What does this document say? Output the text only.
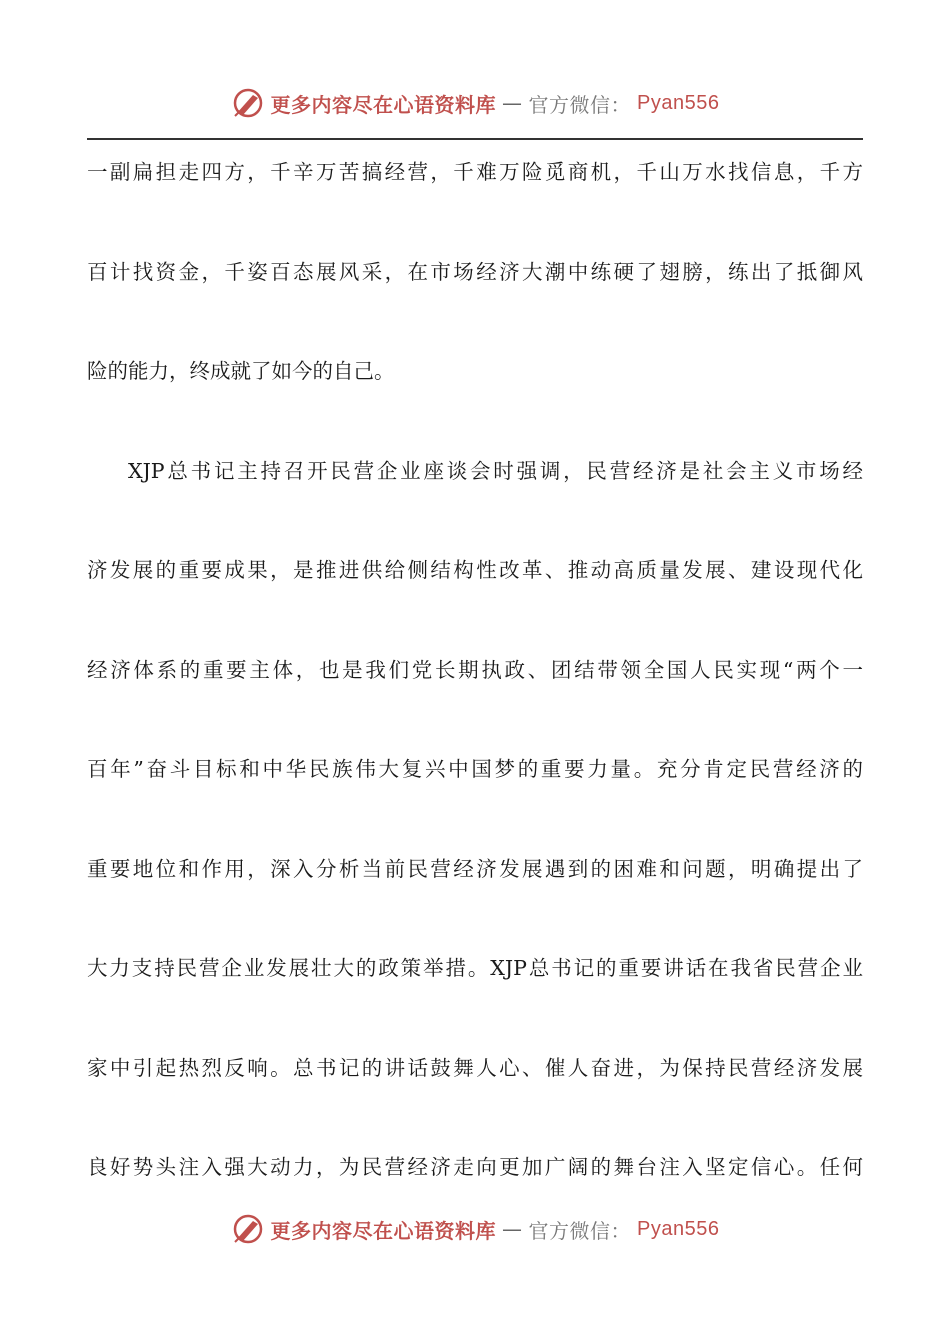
更多内容尽在心语资料库 — 官方微信： Pyan556
一副扁担走四方，千辛万苦搞经营，千难万险觅商机，千山万水找信息，千方
百计找资金，千姿百态展风采，在市场经济大潮中练硬了翅膀，练出了抵御风
险的能力，终成就了如今的自己。
XJP总书记主持召开民营企业座谈会时强调，民营经济是社会主义市场经
济发展的重要成果，是推进供给侧结构性改革、推动高质量发展、建设现代化
经济体系的重要主体，也是我们党长期执政、团结带领全国人民实现“两个一
百年”奋斗目标和中华民族伟大复兴中国梦的重要力量。充分肯定民营经济的
重要地位和作用，深入分析当前民营经济发展遇到的困难和问题，明确提出了
大力支持民营企业发展壮大的政策举措。XJP总书记的重要讲话在我省民营企业
家中引起热烈反响。总书记的讲话鼓舞人心、催人奋进，为保持民营经济发展
良好势头注入强大动力，为民营经济走向更加广阔的舞台注入坚定信心。任何
更多内容尽在心语资料库 — 官方微信： Pyan556
